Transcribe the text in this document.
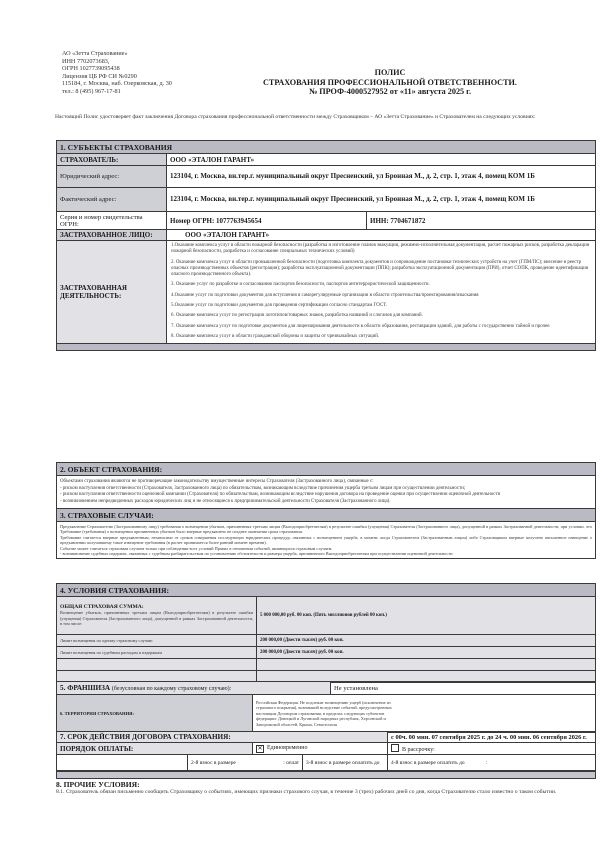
АО «Зетта Страхование»
ИНН 7702073683,
ОГРН 1027739095438
Лицензия ЦБ РФ СИ №0290
115184, г. Москва, наб. Озерковская, д. 30
тел.: 8 (495) 967-17-81
ПОЛИС
СТРАХОВАНИЯ ПРОФЕССИОНАЛЬНОЙ ОТВЕТСТВЕННОСТИ.
№ ПРОФ-4000527952 от «11» августа 2025 г.
Настоящий Полис удостоверяет факт заключения Договора страхования профессиональной ответственности между Страховщиком – АО «Зетта Страхование» и Страхователем на следующих условиях:
1. СУБЪЕКТЫ СТРАХОВАНИЯ		
СТРАХОВАТЕЛЬ:	ООО «ЭТАЛОН ГАРАНТ»	
Юридический адрес:	123104, г. Москва, вн.тер.г. муниципальный округ Пресненский, ул Бронная М., д. 2, стр. 1, этаж 4, помещ КОМ 1Б	
Фактический адрес:	123104, г. Москва, вн.тер.г. муниципальный округ Пресненский, ул Бронная М., д. 2, стр. 1, этаж 4, помещ КОМ 1Б	
Серия и номер свидетельства ОГРН:	Номер ОГРН: 1077763945654	ИНН: 7704671872
ЗАСТРАХОВАННОЕ ЛИЦО:	ООО «ЭТАЛОН ГАРАНТ»	
ЗАСТРАХОВАННАЯ ДЕЯТЕЛЬНОСТЬ:	

1.Оказание комплекса услуг в области пожарной безопасности (разработка и изготовление планов эвакуации, режимно-исполнительная документация, расчет пожарных рисков, разработка декларации пожарной безопасности, разработка и согласование специальных технических условий)

2. Оказание комплекса услуг в области промышленной безопасности (подготовка комплекта документов и сопровождение постановки технических устройств на учет (ГПМ/ПС); внесение в реестр опасных производственных объектов (регистрация); разработка эксплуатационной документации (ППК); разработка эксплуатационной документации (ПРИ), отчет СОПК, проведение идентификации опасного производственного объекта).

3. Оказание услуг по разработке и согласованию паспортов безопасности, паспортов антитеррористической защищенности.

4.Оказание услуг по подготовки документов для вступления в саморегулируемые организации в области строительства/проектирования/изыскания

5.Оказание услуг по подготовки документов для проведения сертификации согласно стандартам ГОСТ.

6. Оказание комплекса услуг по регистрации логотипов/товарных знаков, разработка названий и слоганов для компаний.

7. Оказание комплекса услуг по подготовке документов для лицензирования деятельности в области образования, реставрации зданий, для работы с государственно тайной и прочее.

8. Оказание комплекса услуг в области гражданской обороны и защиты от чрезвычайных ситуаций.

2. ОБЪЕКТ СТРАХОВАНИЯ:

Объектами страхования являются не противоречащие законодательству имущественные интересы Страхователя (Застрахованного лица), связанные с:
- риском наступления ответственности (Страхователя, Застрахованного лица) по обязательствам, возникающим вследствие причинения ущерба третьим лицам при осуществлении деятельности;
- риском наступления ответственности оценочной компании (Страхователя) по обязательствам, возникающим вследствие нарушения договора на проведение оценки при осуществлении оценочной деятельности
- возникновением непредвиденных расходов юридических лиц и не относящиеся к предпринимательской деятельности Страхователя (Застрахованного лица).
3. СТРАХОВЫЕ СЛУЧАИ:

Предъявление Страхователю (Застрахованному лицу) требования о возмещении убытков, причиненных третьим лицам (Выгодоприобретателям) в результате ошибки (упущения) Страхователя (Застрахованного лица), допущенной в рамках Застрахованной деятельности, при условии, что Требование (требования) о возмещении причиненных убытков было впервые предъявлено не позднее окончания срока страхования.
Требование считается впервые предъявленным, независимо от сроков совершения последующих юридических процедур, связанных с возмещением ущерба, в момент, когда Страхователем (Застрахованным лицом) либо Страховщиком впервые получено письменное извещение о предъявлении получившему такое извещение требования (в расчет принимается более ранний момент времени).
Событие может считаться страховым случаем только при соблюдении всех условий Правил в отношении событий, являющихся страховым случаем.
- возникновение судебных издержек, связанных с судебным разбирательством по установлению обстоятельств и размера ущерба, причиненного Выгодоприобретателям при осуществлении оценочной деятельности
4. УСЛОВИЯ СТРАХОВАНИЯ:	

ОБЩАЯ СТРАХОВАЯ СУММА:
Возмещение убытков, причиненных третьим лицам (Выгодоприобретателям) в результате ошибки (упущения) Страхователя (Застрахованного лица), допущенной в рамках Застрахованной деятельности, в том числе:	5 000 000,00 руб. 00 коп. (Пять миллионов рублей 00 коп.)
Лимит возмещения по одному страховому случаю:	200 000,00 (Двести тысяч) руб. 00 коп.
Лимит возмещения по судебным расходам и издержкам	200 000,00 (Двести тысяч) руб. 00 коп.

5. ФРАНШИЗА (безусловная по каждому страховому случаю):		Не установлена
6. ТЕРРИТОРИЯ СТРАХОВАНИЯ:	Российская Федерация. Не подлежит возмещению ущерб (исключение из страхового покрытия), возникший вследствие событий, предусмотренных настоящим Договором страхования, в пределах следующих субъектов федерации: Донецкой и Луганской народных республик, Херсонской и Запорожской областей, Крыма, Севастополя	
7. СРОК ДЕЙСТВИЯ ДОГОВОРА СТРАХОВАНИЯ:				с 00ч. 00 мин. 07 сентября 2025 г. до 24 ч. 00 мин. 06 сентября 2026 г.
ПОРЯДОК ОПЛАТЫ:		✕ Единовременно		В рассрочку:
	2-й взнос в размере : оплат		3-й взнос в размере оплатить до	4-й взнос в размере оплатить до :
8. ПРОЧИЕ УСЛОВИЯ:
8.1. Страхователь обязан письменно сообщить Страховщику о событиях, имеющих признаки страхового случая, в течение 3 (трех) рабочих дней со дня, когда Страхователю стало известно о таком событии.
